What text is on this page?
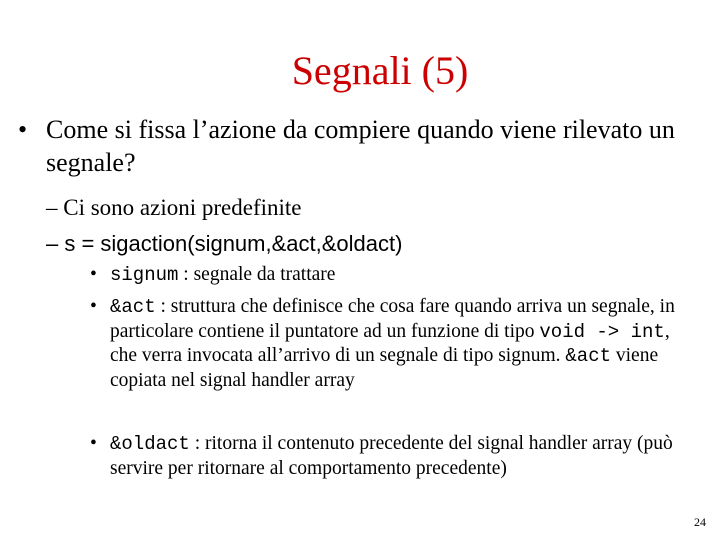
Segnali (5)
• Come si fissa l’azione da compiere quando viene rilevato un segnale?
– Ci sono azioni predefinite
– s = sigaction(signum,&act,&oldact)
• signum : segnale da trattare
• &act : struttura che definisce che cosa fare quando arriva un segnale, in particolare contiene il puntatore ad un funzione di tipo void -> int, che verra invocata all’arrivo di un segnale di tipo signum. &act viene copiata nel signal handler array
• &oldact : ritorna il contenuto precedente del signal handler array (può servire per ritornare al comportamento precedente)
24
